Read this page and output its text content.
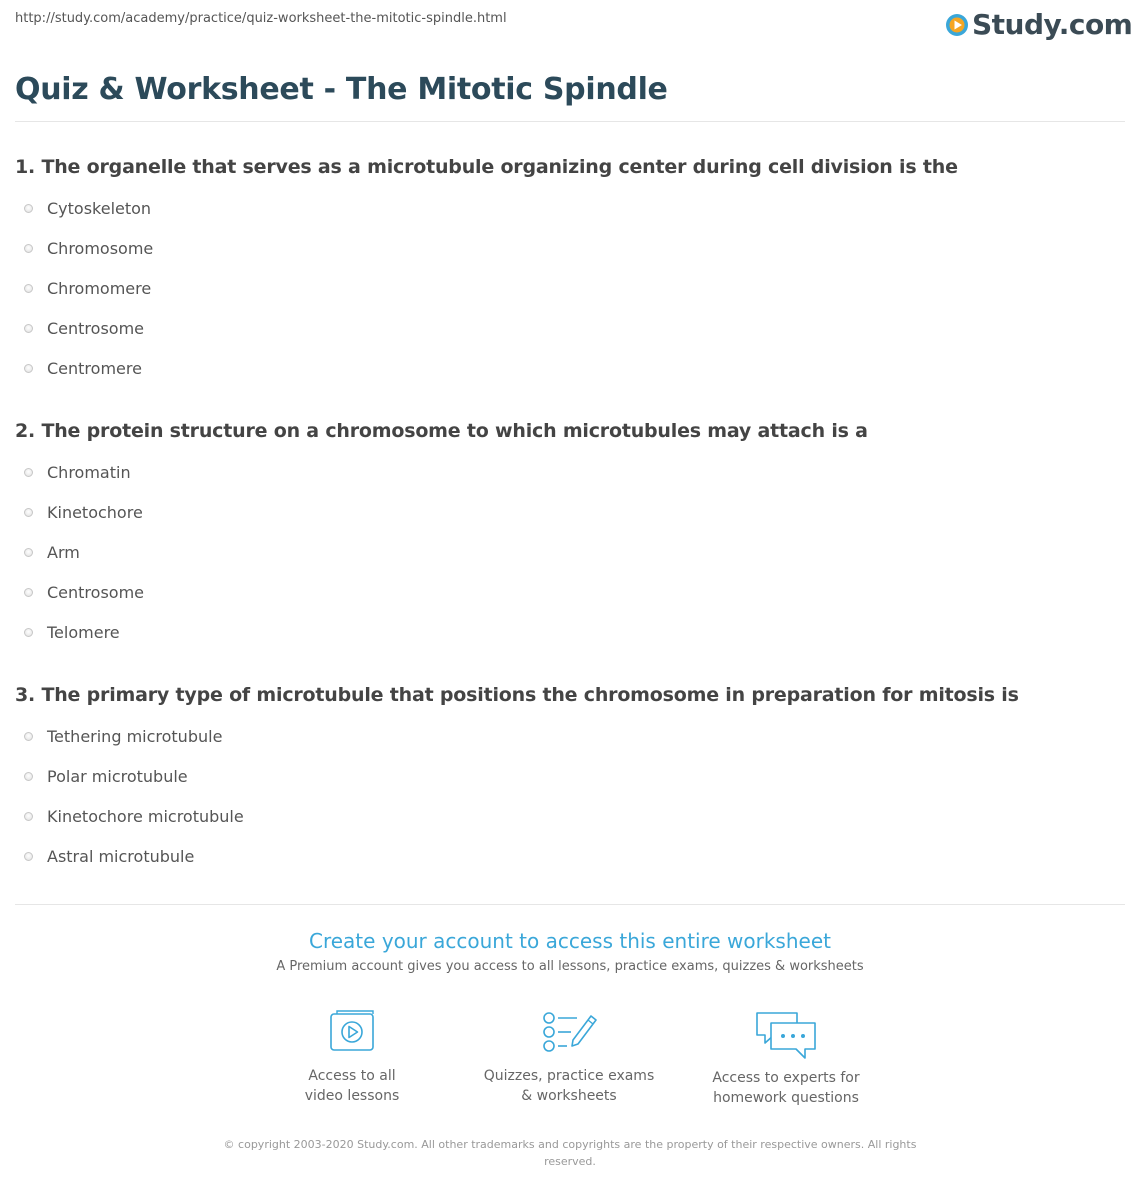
http://study.com/academy/practice/quiz-worksheet-the-mitotic-spindle.html	Study.com
Quiz & Worksheet - The Mitotic Spindle

1. The organelle that serves as a microtubule organizing center during cell division is the

Cytoskeleton
Chromosome
Chromomere
Centrosome
Centromere

2. The protein structure on a chromosome to which microtubules may attach is a

Chromatin
Kinetochore
Arm
Centrosome
Telomere

3. The primary type of microtubule that positions the chromosome in preparation for mitosis is

Tethering microtubule
Polar microtubule
Kinetochore microtubule
Astral microtubule
Create your account to access this entire worksheet

A Premium account gives you access to all lessons, practice exams, quizzes & worksheets

Access to all
video lessons
Quizzes, practice exams
& worksheets
Access to experts for
homework questions
© copyright 2003-2020 Study.com. All other trademarks and copyrights are the property of their respective owners. All rights reserved.
